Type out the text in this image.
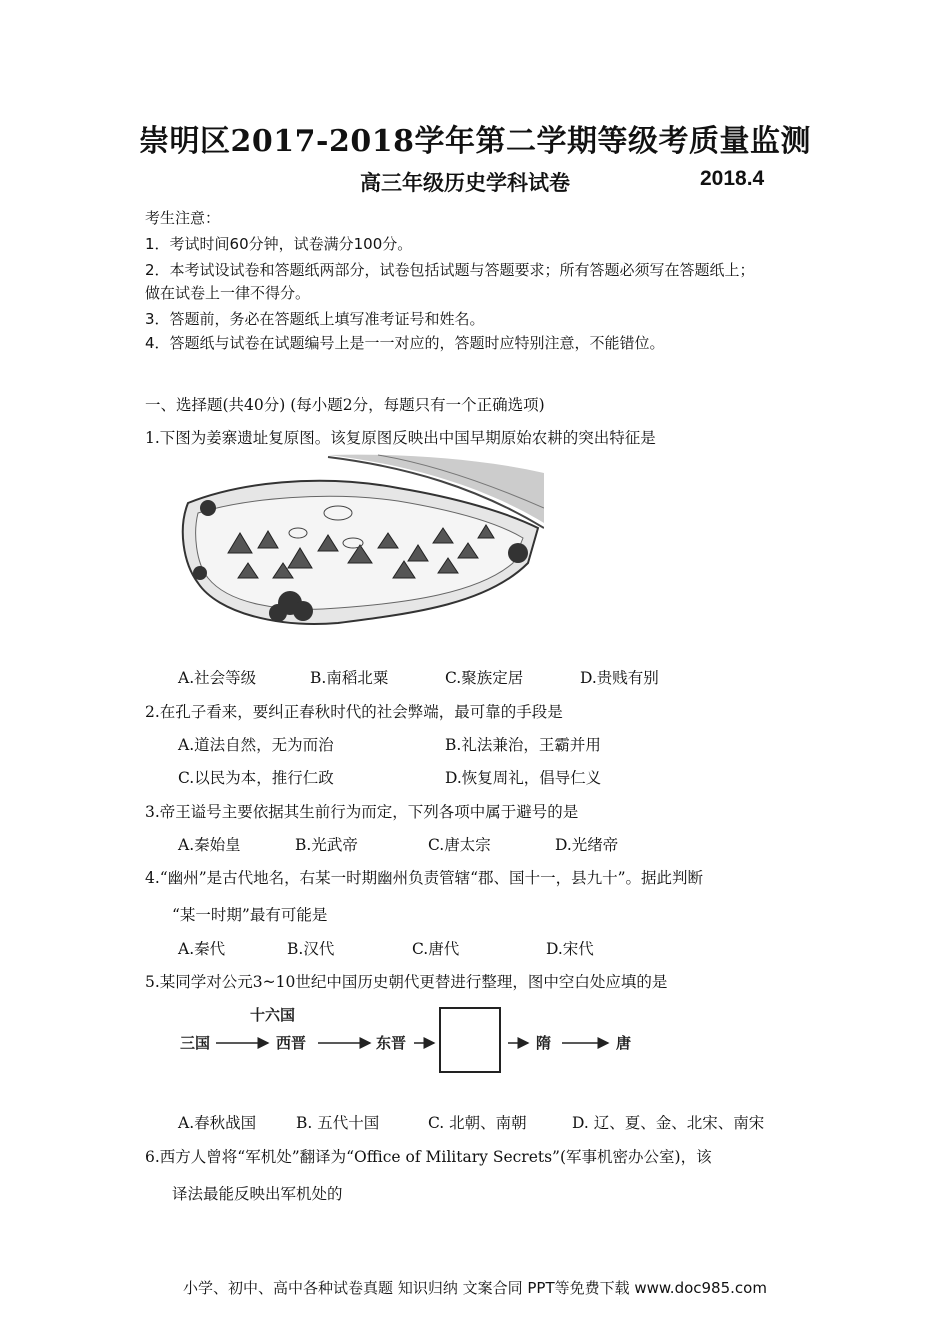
崇明区2017-2018学年第二学期等级考质量监测
高三年级历史学科试卷	2018.4
考生注意：
1．考试时间60分钟，试卷满分100分。
2．本考试设试卷和答题纸两部分，试卷包括试题与答题要求；所有答题必须写在答题纸上；
做在试卷上一律不得分。
3．答题前，务必在答题纸上填写准考证号和姓名。
4．答题纸与试卷在试题编号上是一一对应的，答题时应特别注意，不能错位。
一、选择题(共40分) (每小题2分，每题只有一个正确选项)
1.下图为姜寨遗址复原图。该复原图反映出中国早期原始农耕的突出特征是
A.社会等级	B.南稻北粟	C.聚族定居	D.贵贱有别
2.在孔子看来，要纠正春秋时代的社会弊端，最可靠的手段是
A.道法自然，无为而治	B.礼法兼治，王霸并用
C.以民为本，推行仁政	D.恢复周礼，倡导仁义
3.帝王谥号主要依据其生前行为而定，下列各项中属于避号的是
A.秦始皇	B.光武帝	C.唐太宗	D.光绪帝
4.“幽州”是古代地名，右某一时期幽州负责管辖“郡、国十一，县九十”。据此判断
“某一时期”最有可能是
A.秦代	B.汉代	C.唐代	D.宋代
5.某同学对公元3~10世纪中国历史朝代更替进行整理，图中空白处应填的是
十六国
三国	西晋	东晋	隋	唐
A.春秋战国	B. 五代十国	C. 北朝、南朝	D. 辽、夏、金、北宋、南宋
6.西方人曾将“军机处”翻译为“Office of Military Secrets”(军事机密办公室)，该
译法最能反映出军机处的
小学、初中、高中各种试卷真题 知识归纳 文案合同 PPT等免费下载 www.doc985.com
